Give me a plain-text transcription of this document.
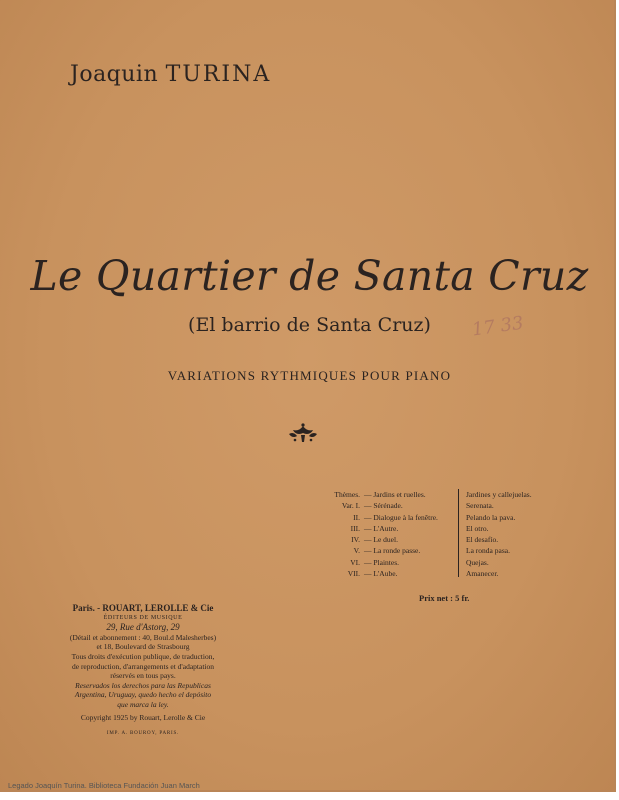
Joaquin TURINA
Le Quartier de Santa Cruz
(El barrio de Santa Cruz)	17 33
VARIATIONS RYTHMIQUES POUR PIANO
Thèmes. — Jardins et ruelles.
Var. I. — Sérénade.
II. — Dialogue à la fenêtre.
III. — L'Autre.
IV. — Le duel.
V. — La ronde passe.
VI. — Plaintes.
VII. — L'Aube.
Jardines y callejuelas.
Serenata.
Pelando la pava.
El otro.
El desafío.
La ronda pasa.
Quejas.
Amanecer.
Prix net : 5 fr.
Paris. - ROUART, LEROLLE & Cie
ÉDITEURS DE MUSIQUE
29, Rue d'Astorg, 29
(Détail et abonnement : 40, Boul.d Malesherbes)
et 18, Boulevard de Strasbourg
Tous droits d'exécution publique, de traduction,
de reproduction, d'arrangements et d'adaptation
réservés en tous pays.
Reservados los derechos para las Republicas
Argentina, Uruguay, quedo hecho el depósito
que marca la ley.
Copyright 1925 by Rouart, Lerolle & Cie
IMP. A. BOUROY, PARIS.
Legado Joaquín Turina. Biblioteca Fundación Juan March
